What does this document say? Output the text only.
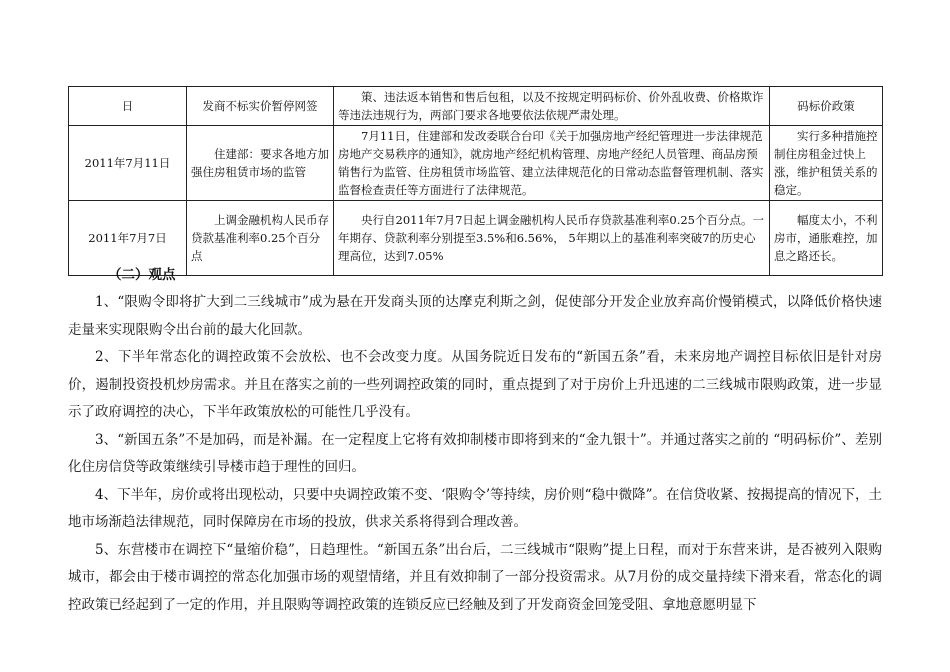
日	发商不标实价暂停网签	策、违法返本销售和售后包租，以及不按规定明码标价、价外乱收费、价格欺诈等违法违规行为，两部门要求各地要依法依规严肃处理。	码标价政策
2011年7月11日	住建部：要求各地方加强住房租赁市场的监管	7月11日，住建部和发改委联合台印《关于加强房地产经纪管理进一步法律规范房地产交易秩序的通知》，就房地产经纪机构管理、房地产经纪人员管理、商品房预销售行为监管、住房租赁市场监管、建立法律规范化的日常动态监督管理机制、落实监督检查责任等方面进行了法律规范。	实行多种措施控制住房租金过快上涨，维护租赁关系的稳定。
2011年7月7日	上调金融机构人民币存贷款基准利率0.25个百分点	央行自2011年7月7日起上调金融机构人民币存贷款基准利率0.25个百分点。一年期存、贷款利率分别提至3.5%和6.56%， 5年期以上的基准利率突破7的历史心理高位，达到7.05%	幅度太小，不利房市，通胀难控，加息之路还长。

（二）观点

1、“限购令即将扩大到二三线城市”成为悬在开发商头顶的达摩克利斯之剑，促使部分开发企业放弃高价慢销模式，以降低价格快速走量来实现限购令出台前的最大化回款。

2、下半年常态化的调控政策不会放松、也不会改变力度。从国务院近日发布的“新国五条”看，未来房地产调控目标依旧是针对房价，遏制投资投机炒房需求。并且在落实之前的一些列调控政策的同时，重点提到了对于房价上升迅速的二三线城市限购政策，进一步显示了政府调控的决心，下半年政策放松的可能性几乎没有。

3、“新国五条”不是加码，而是补漏。在一定程度上它将有效抑制楼市即将到来的“金九银十”。并通过落实之前的 “明码标价”、差别化住房信贷等政策继续引导楼市趋于理性的回归。

4、下半年，房价或将出现松动，只要中央调控政策不变、‘限购令’等持续，房价则“稳中微降”。在信贷收紧、按揭提高的情况下，土地市场渐趋法律规范，同时保障房在市场的投放，供求关系将得到合理改善。

5、东营楼市在调控下“量缩价稳”，日趋理性。“新国五条”出台后，二三线城市“限购”提上日程，而对于东营来讲，是否被列入限购城市，都会由于楼市调控的常态化加强市场的观望情绪，并且有效抑制了一部分投资需求。从7月份的成交量持续下滑来看，常态化的调控政策已经起到了一定的作用，并且限购等调控政策的连锁反应已经触及到了开发商资金回笼受阻、拿地意愿明显下
